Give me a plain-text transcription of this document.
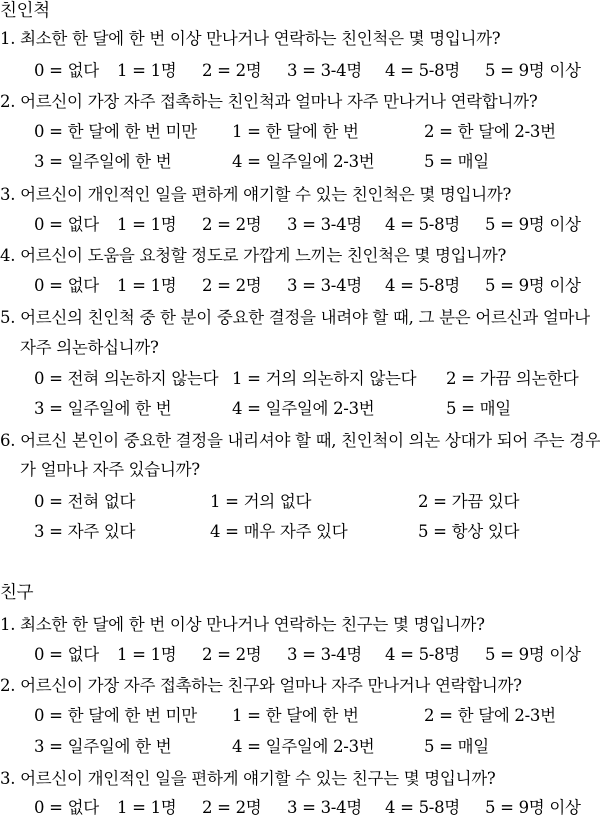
친인척
1. 최소한 한 달에 한 번 이상 만나거나 연락하는 친인척은 몇 명입니까?
0 = 없다 1 = 1명 2 = 2명 3 = 3-4명 4 = 5-8명 5 = 9명 이상
2. 어르신이 가장 자주 접촉하는 친인척과 얼마나 자주 만나거나 연락합니까?
0 = 한 달에 한 번 미만 1 = 한 달에 한 번	2 = 한 달에 2-3번
3 = 일주일에 한 번	4 = 일주일에 2-3번	5 = 매일
3. 어르신이 개인적인 일을 편하게 얘기할 수 있는 친인척은 몇 명입니까?
0 = 없다 1 = 1명 2 = 2명 3 = 3-4명 4 = 5-8명 5 = 9명 이상
4. 어르신이 도움을 요청할 정도로 가깝게 느끼는 친인척은 몇 명입니까?
0 = 없다 1 = 1명 2 = 2명 3 = 3-4명 4 = 5-8명 5 = 9명 이상
5. 어르신의 친인척 중 한 분이 중요한 결정을 내려야 할 때, 그 분은 어르신과 얼마나
자주 의논하십니까?
0 = 전혀 의논하지 않는다 1 = 거의 의논하지 않는다 2 = 가끔 의논한다
3 = 일주일에 한 번	4 = 일주일에 2-3번	5 = 매일
6. 어르신 본인이 중요한 결정을 내리셔야 할 때, 친인척이 의논 상대가 되어 주는 경우
가 얼마나 자주 있습니까?
0 = 전혀 없다	1 = 거의 없다	2 = 가끔 있다
3 = 자주 있다	4 = 매우 자주 있다	5 = 항상 있다
친구
1. 최소한 한 달에 한 번 이상 만나거나 연락하는 친구는 몇 명입니까?
0 = 없다 1 = 1명 2 = 2명 3 = 3-4명 4 = 5-8명 5 = 9명 이상
2. 어르신이 가장 자주 접촉하는 친구와 얼마나 자주 만나거나 연락합니까?
0 = 한 달에 한 번 미만 1 = 한 달에 한 번	2 = 한 달에 2-3번
3 = 일주일에 한 번	4 = 일주일에 2-3번	5 = 매일
3. 어르신이 개인적인 일을 편하게 얘기할 수 있는 친구는 몇 명입니까?
0 = 없다 1 = 1명 2 = 2명 3 = 3-4명 4 = 5-8명 5 = 9명 이상
